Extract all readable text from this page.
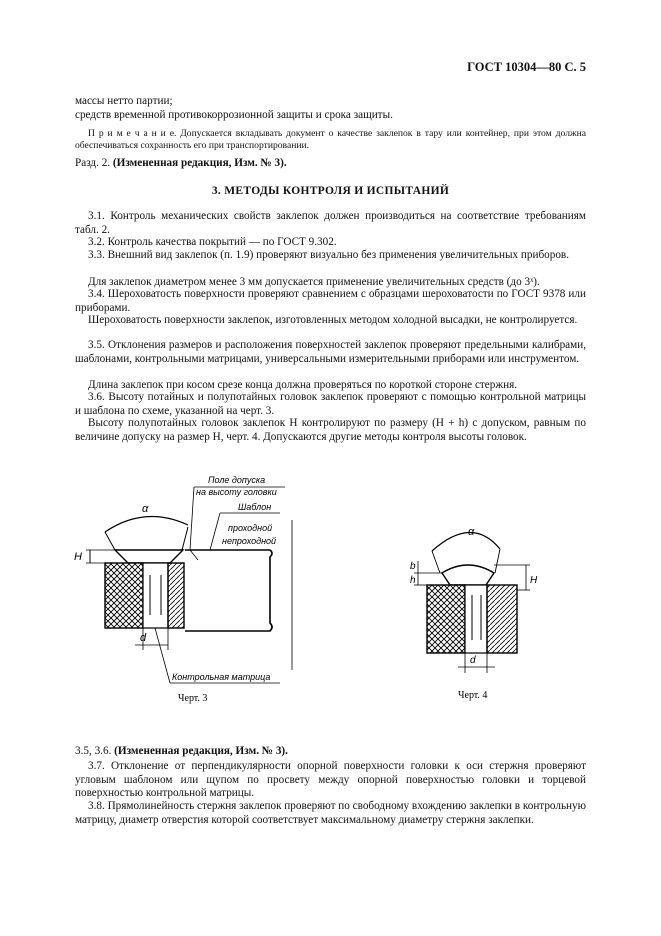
ГОСТ 10304—80 С. 5
массы нетто партии;
средств временной противокоррозионной защиты и срока защиты.
П р и м е ч а н и е. Допускается вкладывать документ о качестве заклепок в тару или контейнер, при этом должна обеспечиваться сохранность его при транспортировании.
Разд. 2. (Измененная редакция, Изм. № 3).
3. МЕТОДЫ КОНТРОЛЯ И ИСПЫТАНИЙ
3.1. Контроль механических свойств заклепок должен производиться на соответствие требованиям табл. 2.
3.2. Контроль качества покрытий — по ГОСТ 9.302.
3.3. Внешний вид заклепок (п. 1.9) проверяют визуально без применения увеличительных приборов.
Для заклепок диаметром менее 3 мм допускается применение увеличительных средств (до 3ˣ).
3.4. Шероховатость поверхности проверяют сравнением с образцами шероховатости по ГОСТ 9378 или приборами.
Шероховатость поверхности заклепок, изготовленных методом холодной высадки, не контролируется.
3.5. Отклонения размеров и расположения поверхностей заклепок проверяют предельными калибрами, шаблонами, контрольными матрицами, универсальными измерительными приборами или инструментом.
Длина заклепок при косом срезе конца должна проверяться по короткой стороне стержня.
3.6. Высоту потайных и полупотайных головок заклепок проверяют с помощью контрольной матрицы и шаблона по схеме, указанной на черт. 3.
Высоту полупотайных головок заклепок H контролируют по размеру (H + h) с допуском, равным по величине допуску на размер H, черт. 4. Допускаются другие методы контроля высоты головок.
α
H
d
Поле допуска
на высоту головки
Шаблон
проходной
непроходной
Контрольная матрица
Черт. 3
α
b
h	H
d
Черт. 4
3.5, 3.6. (Измененная редакция, Изм. № 3).
3.7. Отклонение от перпендикулярности опорной поверхности головки к оси стержня проверяют угловым шаблоном или щупом по просвету между опорной поверхностью головки и торцевой поверхностью контрольной матрицы.
3.8. Прямолинейность стержня заклепок проверяют по свободному вхождению заклепки в контрольную матрицу, диаметр отверстия которой соответствует максимальному диаметру стержня заклепки.
